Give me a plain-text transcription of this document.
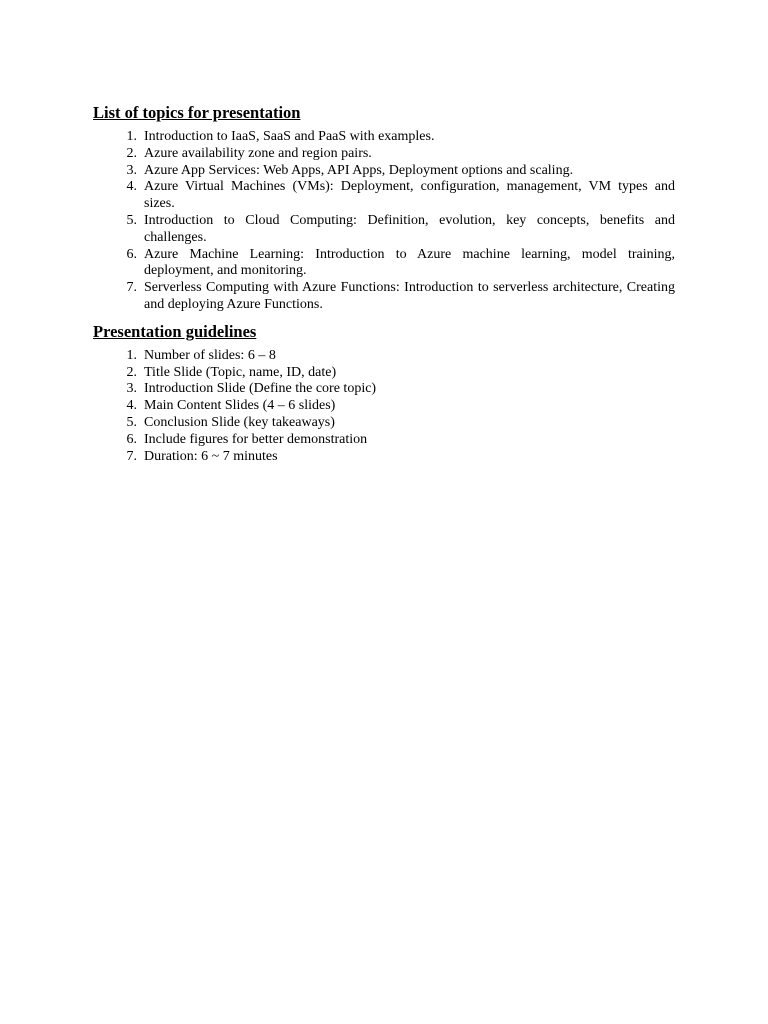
List of topics for presentation
1. Introduction to IaaS, SaaS and PaaS with examples.
2. Azure availability zone and region pairs.
3. Azure App Services: Web Apps, API Apps, Deployment options and scaling.
4. Azure Virtual Machines (VMs): Deployment, configuration, management, VM types and sizes.
5. Introduction to Cloud Computing: Definition, evolution, key concepts, benefits and challenges.
6. Azure Machine Learning: Introduction to Azure machine learning, model training, deployment, and monitoring.
7. Serverless Computing with Azure Functions: Introduction to serverless architecture, Creating and deploying Azure Functions.
Presentation guidelines
1. Number of slides: 6 – 8
2. Title Slide (Topic, name, ID, date)
3. Introduction Slide (Define the core topic)
4. Main Content Slides (4 – 6 slides)
5. Conclusion Slide (key takeaways)
6. Include figures for better demonstration
7. Duration: 6 ~ 7 minutes
